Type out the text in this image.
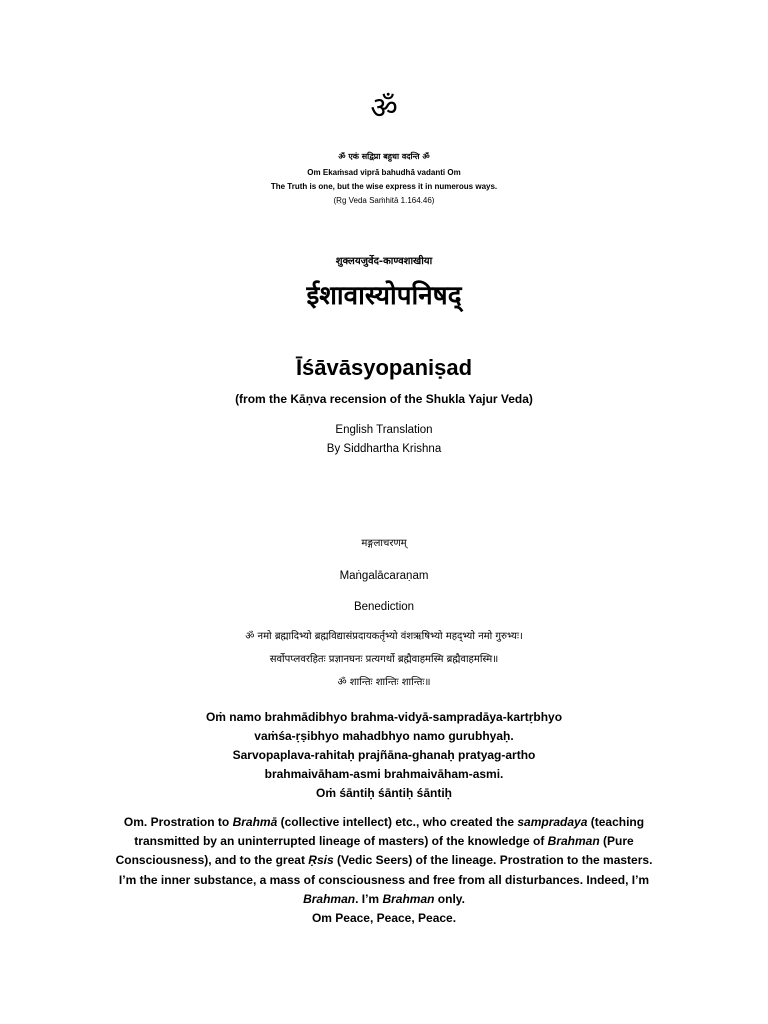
ॐ
ॐ एकं सद्विप्रा बहुधा वदन्ति ॐ
Om Ekaṁsad viprā bahudhā vadanti Om
The Truth is one, but the wise express it in numerous ways.
(Ṛg Veda Saṁhitā 1.164.46)
शुक्लयजुर्वेद-काण्वशाखीया
ईशावास्योपनिषद्
Īśāvāsyopaniṣad
(from the Kāṇva recension of the Shukla Yajur Veda)
English Translation
By Siddhartha Krishna
मङ्गलाचरणम्
Maṅgalācaraṇam
Benediction
ॐ नमो ब्रह्मादिभ्यो ब्रह्मविद्यासंप्रदायकर्तृभ्यो वंशऋषिभ्यो महद्भ्यो नमो गुरुभ्यः।
सर्वोपप्लवरहितः प्रज्ञानघनः प्रत्यगर्थो ब्रह्मैवाहमस्मि ब्रह्मैवाहमस्मि॥
ॐ शान्तिः शान्तिः शान्तिः॥
Oṁ namo brahmādibhyo brahma-vidyā-sampradāya-kartṛbhyo
vaṁśa-ṛṣibhyo mahadbhyo namo gurubhyaḥ.
Sarvopaplava-rahitaḥ prajñāna-ghanaḥ pratyag-artho
brahmaivāham-asmi brahmaivāham-asmi.
Oṁ śāntiḥ śāntiḥ śāntiḥ
Om. Prostration to Brahmā (collective intellect) etc., who created the sampradaya (teaching
transmitted by an uninterrupted lineage of masters) of the knowledge of Brahman (Pure
Consciousness), and to the great Ṛsis (Vedic Seers) of the lineage. Prostration to the masters.
I’m the inner substance, a mass of consciousness and free from all disturbances. Indeed, I’m
Brahman. I’m Brahman only.
Om Peace, Peace, Peace.
